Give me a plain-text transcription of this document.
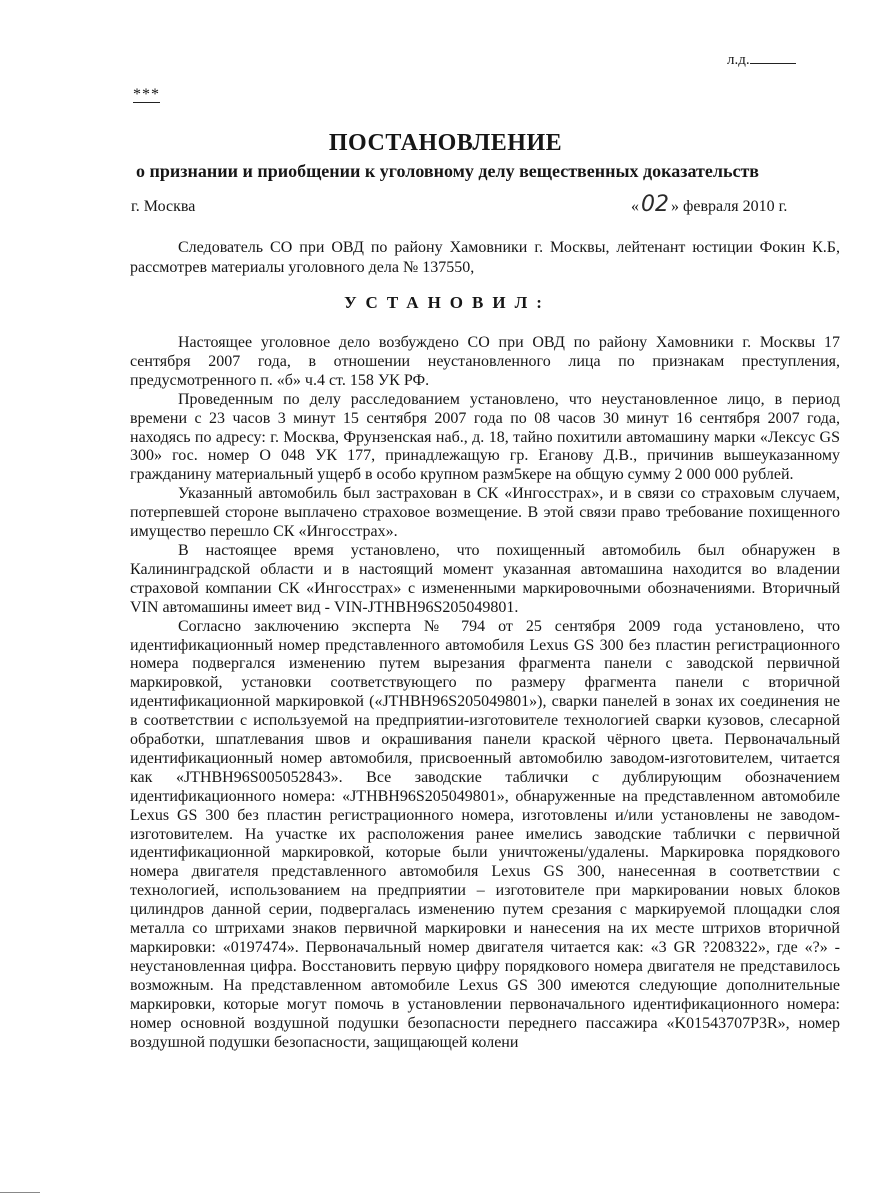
л.д.
***
ПОСТАНОВЛЕНИЕ
о признании и приобщении к уголовному делу вещественных доказательств
г. Москва	«02 » февраля 2010 г.
Следователь СО при ОВД по району Хамовники г. Москвы, лейтенант юстиции Фокин К.Б, рассмотрев материалы уголовного дела № 137550,
УСТАНОВИЛ:

Настоящее уголовное дело возбуждено СО при ОВД по району Хамовники г. Москвы 17 сентября 2007 года, в отношении неустановленного лица по признакам преступления, предусмотренного п. «б» ч.4 ст. 158 УК РФ.

Проведенным по делу расследованием установлено, что неустановленное лицо, в период времени с 23 часов 3 минут 15 сентября 2007 года по 08 часов 30 минут 16 сентября 2007 года, находясь по адресу: г. Москва, Фрунзенская наб., д. 18, тайно похитили автомашину марки «Лексус GS 300» гос. номер О 048 УК 177, принадлежащую гр. Еганову Д.В., причинив вышеуказанному гражданину материальный ущерб в особо крупном разм5кере на общую сумму 2 000 000 рублей.

Указанный автомобиль был застрахован в СК «Ингосстрах», и в связи со страховым случаем, потерпевшей стороне выплачено страховое возмещение. В этой связи право требование похищенного имущество перешло СК «Ингосстрах».

В настоящее время установлено, что похищенный автомобиль был обнаружен в Калининградской области и в настоящий момент указанная автомашина находится во владении страховой компании СК «Ингосстрах» с измененными маркировочными обозначениями. Вторичный VIN автомашины имеет вид - VIN-JTHBH96S205049801.

Согласно заключению эксперта № 794 от 25 сентября 2009 года установлено, что идентификационный номер представленного автомобиля Lexus GS 300 без пластин регистрационного номера подвергался изменению путем вырезания фрагмента панели с заводской первичной маркировкой, установки соответствующего по размеру фрагмента панели с вторичной идентификационной маркировкой («JTHBH96S205049801»), сварки панелей в зонах их соединения не в соответствии с используемой на предприятии-изготовителе технологией сварки кузовов, слесарной обработки, шпатлевания швов и окрашивания панели краской чёрного цвета. Первоначальный идентификационный номер автомобиля, присвоенный автомобилю заводом-изготовителем, читается как «JTHBH96S005052843». Все заводские таблички с дублирующим обозначением идентификационного номера: «JTHBH96S205049801», обнаруженные на представленном автомобиле Lexus GS 300 без пластин регистрационного номера, изготовлены и/или установлены не заводом-изготовителем. На участке их расположения ранее имелись заводские таблички с первичной идентификационной маркировкой, которые были уничтожены/удалены. Маркировка порядкового номера двигателя представленного автомобиля Lexus GS 300, нанесенная в соответствии с технологией, использованием на предприятии – изготовителе при маркировании новых блоков цилиндров данной серии, подвергалась изменению путем срезания с маркируемой площадки слоя металла со штрихами знаков первичной маркировки и нанесения на их месте штрихов вторичной маркировки: «0197474». Первоначальный номер двигателя читается как: «3 GR ?208322», где «?» - неустановленная цифра. Восстановить первую цифру порядкового номера двигателя не представилось возможным. На представленном автомобиле Lexus GS 300 имеются следующие дополнительные маркировки, которые могут помочь в установлении первоначального идентификационного номера: номер основной воздушной подушки безопасности переднего пассажира «K01543707P3R», номер воздушной подушки безопасности, защищающей колени
